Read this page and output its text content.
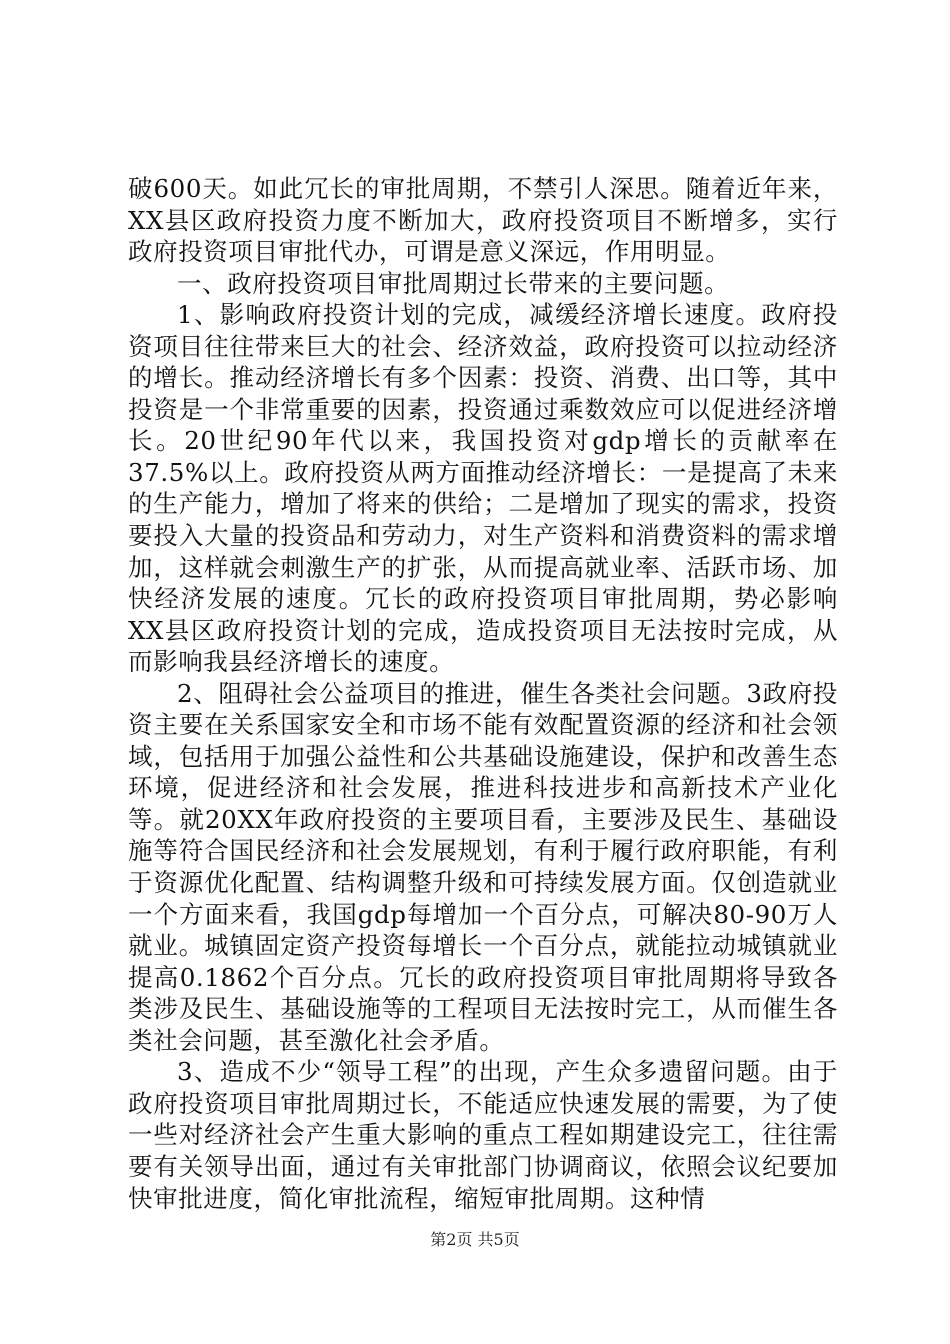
破600天。如此冗长的审批周期，不禁引人深思。随着近年来，XX县区政府投资力度不断加大，政府投资项目不断增多，实行政府投资项目审批代办，可谓是意义深远，作用明显。

一、政府投资项目审批周期过长带来的主要问题。

1、影响政府投资计划的完成，减缓经济增长速度。政府投资项目往往带来巨大的社会、经济效益，政府投资可以拉动经济的增长。推动经济增长有多个因素：投资、消费、出口等，其中投资是一个非常重要的因素，投资通过乘数效应可以促进经济增长。20世纪90年代以来，我国投资对gdp增长的贡献率在37.5%以上。政府投资从两方面推动经济增长：一是提高了未来的生产能力，增加了将来的供给；二是增加了现实的需求，投资要投入大量的投资品和劳动力，对生产资料和消费资料的需求增加，这样就会刺激生产的扩张，从而提高就业率、活跃市场、加快经济发展的速度。冗长的政府投资项目审批周期，势必影响XX县区政府投资计划的完成，造成投资项目无法按时完成，从而影响我县经济增长的速度。

2、阻碍社会公益项目的推进，催生各类社会问题。3政府投资主要在关系国家安全和市场不能有效配置资源的经济和社会领域，包括用于加强公益性和公共基础设施建设，保护和改善生态环境，促进经济和社会发展，推进科技进步和高新技术产业化等。就20XX年政府投资的主要项目看，主要涉及民生、基础设施等符合国民经济和社会发展规划，有利于履行政府职能，有利于资源优化配置、结构调整升级和可持续发展方面。仅创造就业一个方面来看，我国gdp每增加一个百分点，可解决80-90万人就业。城镇固定资产投资每增长一个百分点，就能拉动城镇就业提高0.1862个百分点。冗长的政府投资项目审批周期将导致各类涉及民生、基础设施等的工程项目无法按时完工，从而催生各类社会问题，甚至激化社会矛盾。

3、造成不少“领导工程”的出现，产生众多遗留问题。由于政府投资项目审批周期过长，不能适应快速发展的需要，为了使一些对经济社会产生重大影响的重点工程如期建设完工，往往需要有关领导出面，通过有关审批部门协调商议，依照会议纪要加快审批进度，简化审批流程，缩短审批周期。这种情

第2页 共5页
